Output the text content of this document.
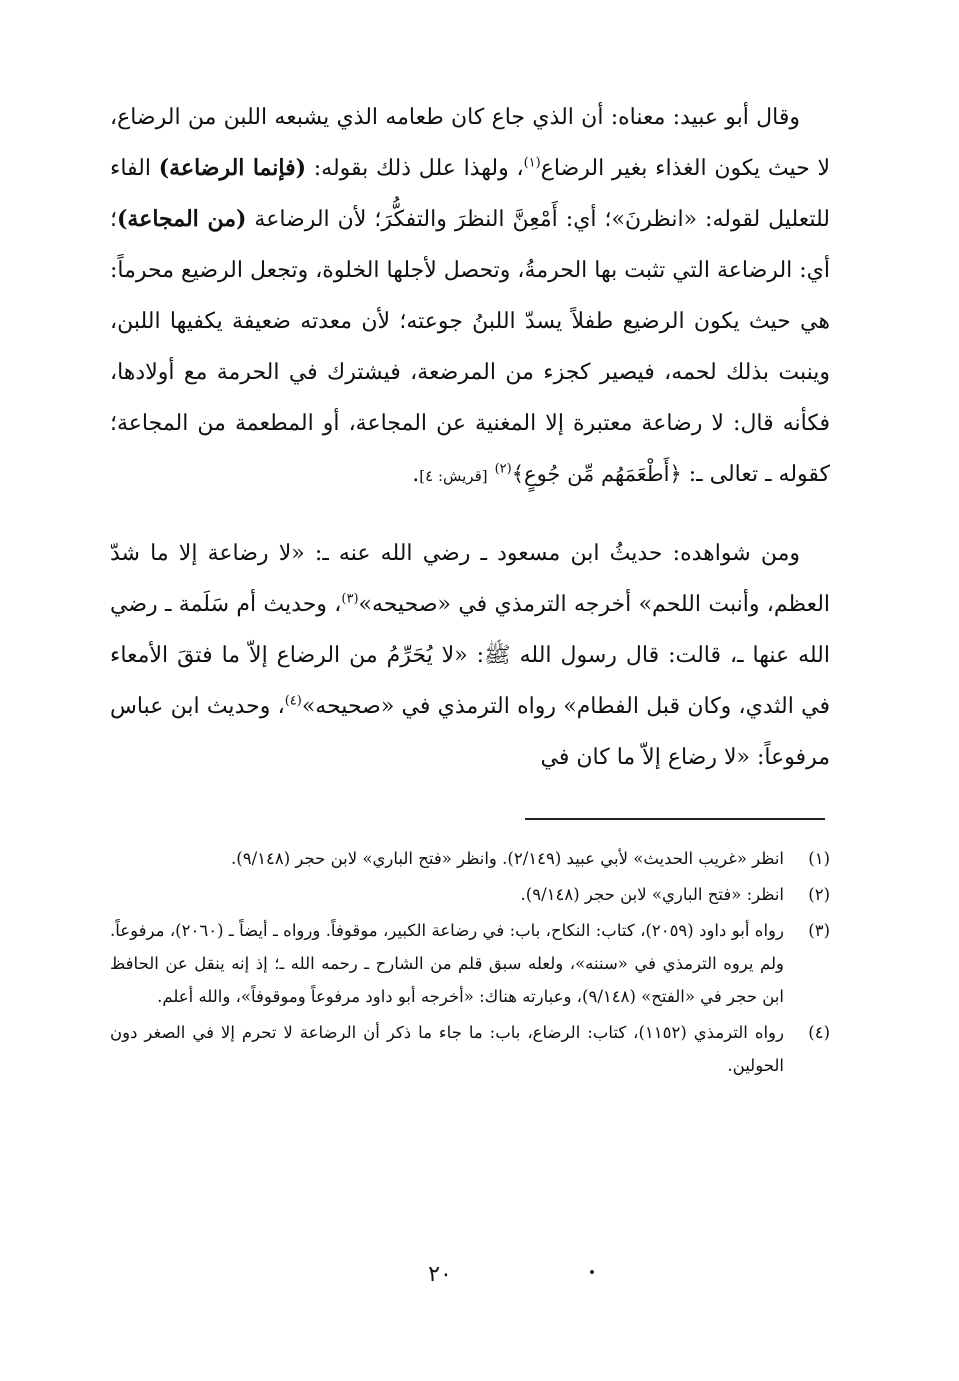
وقال أبو عبيد: معناه: أن الذي جاع كان طعامه الذي يشبعه اللبن من الرضاع، لا حيث يكون الغذاء بغير الرضاع$^{(١)}$، ولهذا علل ذلك بقوله: (فإنما الرضاعة) الفاء للتعليل لقوله: «انظرنَ»؛ أي: أَمْعِنَّ النظرَ والتفكُّرَ؛ لأن الرضاعة (من المجاعة)؛ أي: الرضاعة التي تثبت بها الحرمةُ، وتحصل لأجلها الخلوة، وتجعل الرضيع محرماً: هي حيث يكون الرضيع طفلاً يسدّ اللبنُ جوعته؛ لأن معدته ضعيفة يكفيها اللبن، وينبت بذلك لحمه، فيصير كجزء من المرضعة، فيشترك في الحرمة مع أولادها، فكأنه قال: لا رضاعة معتبرة إلا المغنية عن المجاعة، أو المطعمة من المجاعة؛ كقوله ـ تعالى ـ: ﴿أَطْعَمَهُم مِّن جُوعٍ﴾$^{(٢)}$ [قريش: ٤].

ومن شواهده: حديثُ ابن مسعود ـ رضي الله عنه ـ: «لا رضاعة إلا ما شدّ العظم، وأنبت اللحم» أخرجه الترمذي في «صحيحه»$^{(٣)}$، وحديث أم سَلَمة ـ رضي الله عنها ـ، قالت: قال رسول الله ﷺ: «لا يُحَرِّمُ من الرضاع إلاّ ما فتقَ الأمعاء في الثدي، وكان قبل الفطام» رواه الترمذي في «صحيحه»$^{(٤)}$، وحديث ابن عباس مرفوعاً: «لا رضاع إلاّ ما كان في

(١)
انظر «غريب الحديث» لأبي عبيد (٢/١٤٩). وانظر «فتح الباري» لابن حجر (٩/١٤٨).
(٢)
انظر: «فتح الباري» لابن حجر (٩/١٤٨).
(٣)
رواه أبو داود (٢٠٥٩)، كتاب: النكاح، باب: في رضاعة الكبير، موقوفاً. ورواه ـ أيضاً ـ (٢٠٦٠)، مرفوعاً. ولم يروه الترمذي في «سننه»، ولعله سبق قلم من الشارح ـ رحمه الله ـ؛ إذ إنه ينقل عن الحافظ ابن حجر في «الفتح» (٩/١٤٨)، وعبارته هناك: «أخرجه أبو داود مرفوعاً وموقوفاً»، والله أعلم.
(٤)
رواه الترمذي (١١٥٢)، كتاب: الرضاع، باب: ما جاء ما ذكر أن الرضاعة لا تحرم إلا في الصغر دون الحولين.
٢٠
